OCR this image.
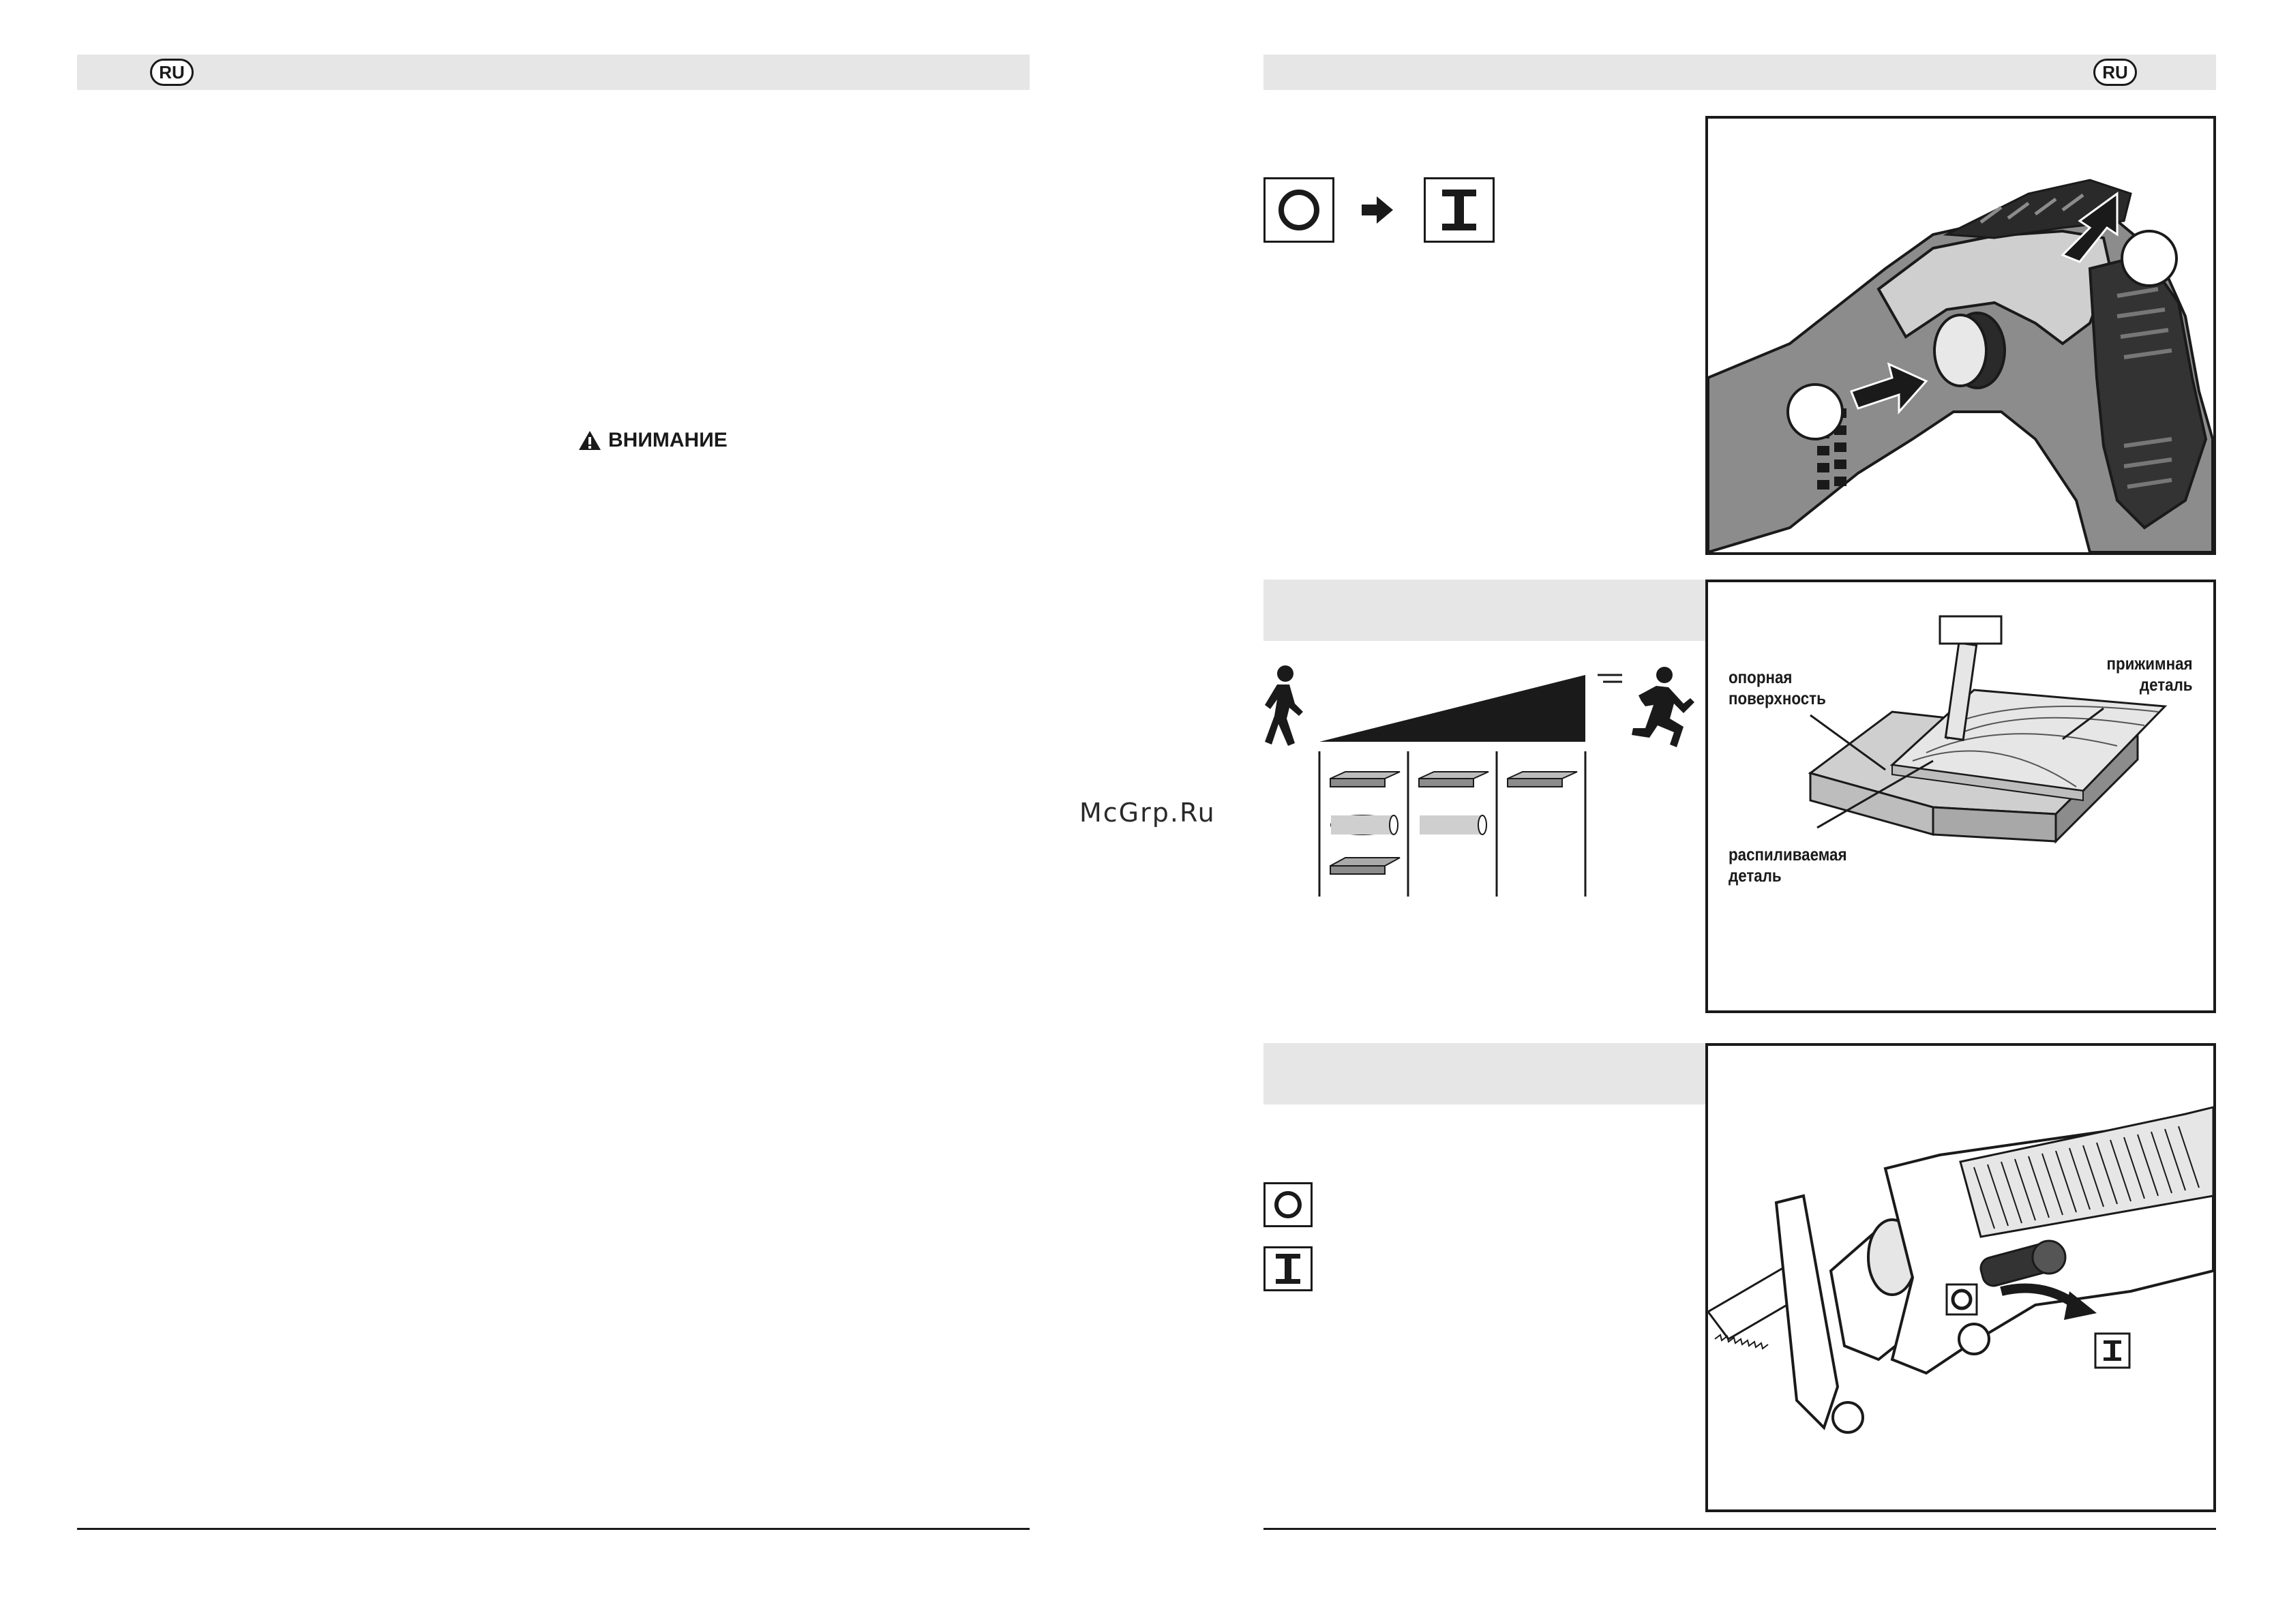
RU
ВНИМАНИЕ
McGrp.Ru
RU
опорная
поверхность
прижимная
деталь
распиливаемая
деталь
